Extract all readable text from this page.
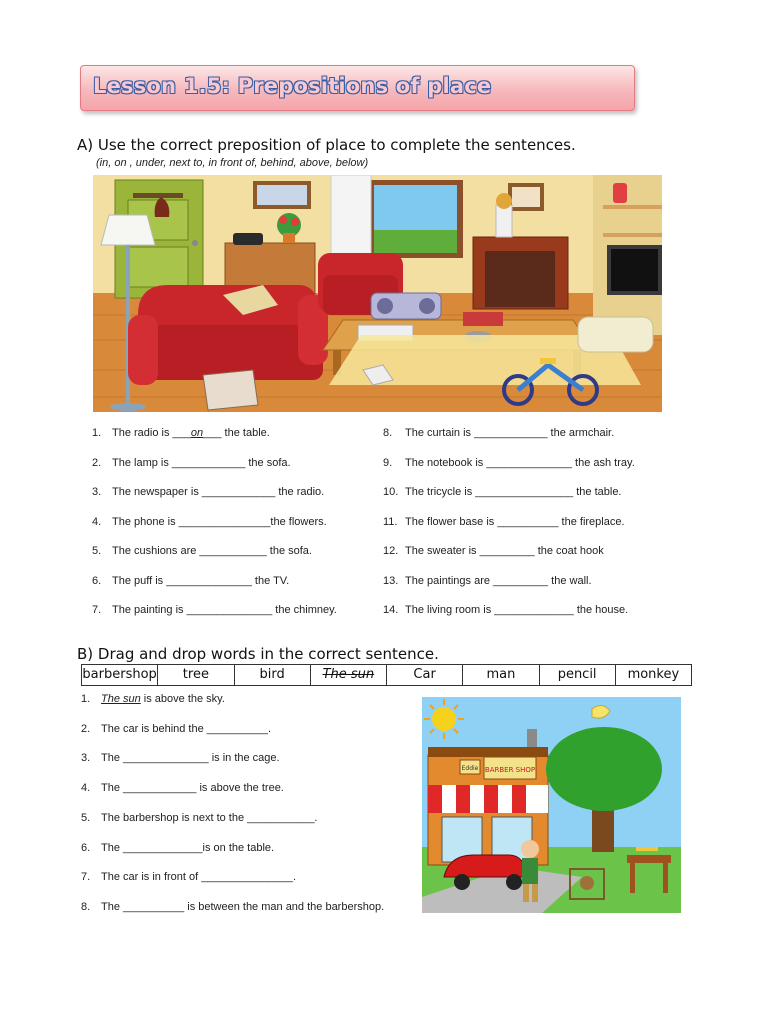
Lesson 1.5: Prepositions of place
A) Use the correct preposition of place to complete the sentences.
(in, on , under, next to, in front of, behind, above, below)
1. The radio is ___on___ the table.
2. The lamp is ____________ the sofa.
3. The newspaper is ____________ the radio.
4. The phone is _______________the flowers.
5. The cushions are ___________ the sofa.
6. The puff is ______________ the TV.
7. The painting is ______________ the chimney.
8. The curtain is ____________ the armchair.
9. The notebook is ______________ the ash tray.
10. The tricycle is ________________ the table.
11. The flower base is __________ the fireplace.
12. The sweater is _________ the coat hook
13. The paintings are _________ the wall.
14. The living room is _____________ the house.
B) Drag and drop words in the correct sentence.
barbershop	tree	bird	The sun	Car	man	pencil	monkey
1. The sun is above the sky.
2. The car is behind the __________.
3. The ______________ is in the cage.
4. The ____________ is above the tree.
5. The barbershop is next to the ___________.
6. The _____________is on the table.
7. The car is in front of _______________.
8. The __________ is between the man and the barbershop.
Eddie BARBER SHOP
